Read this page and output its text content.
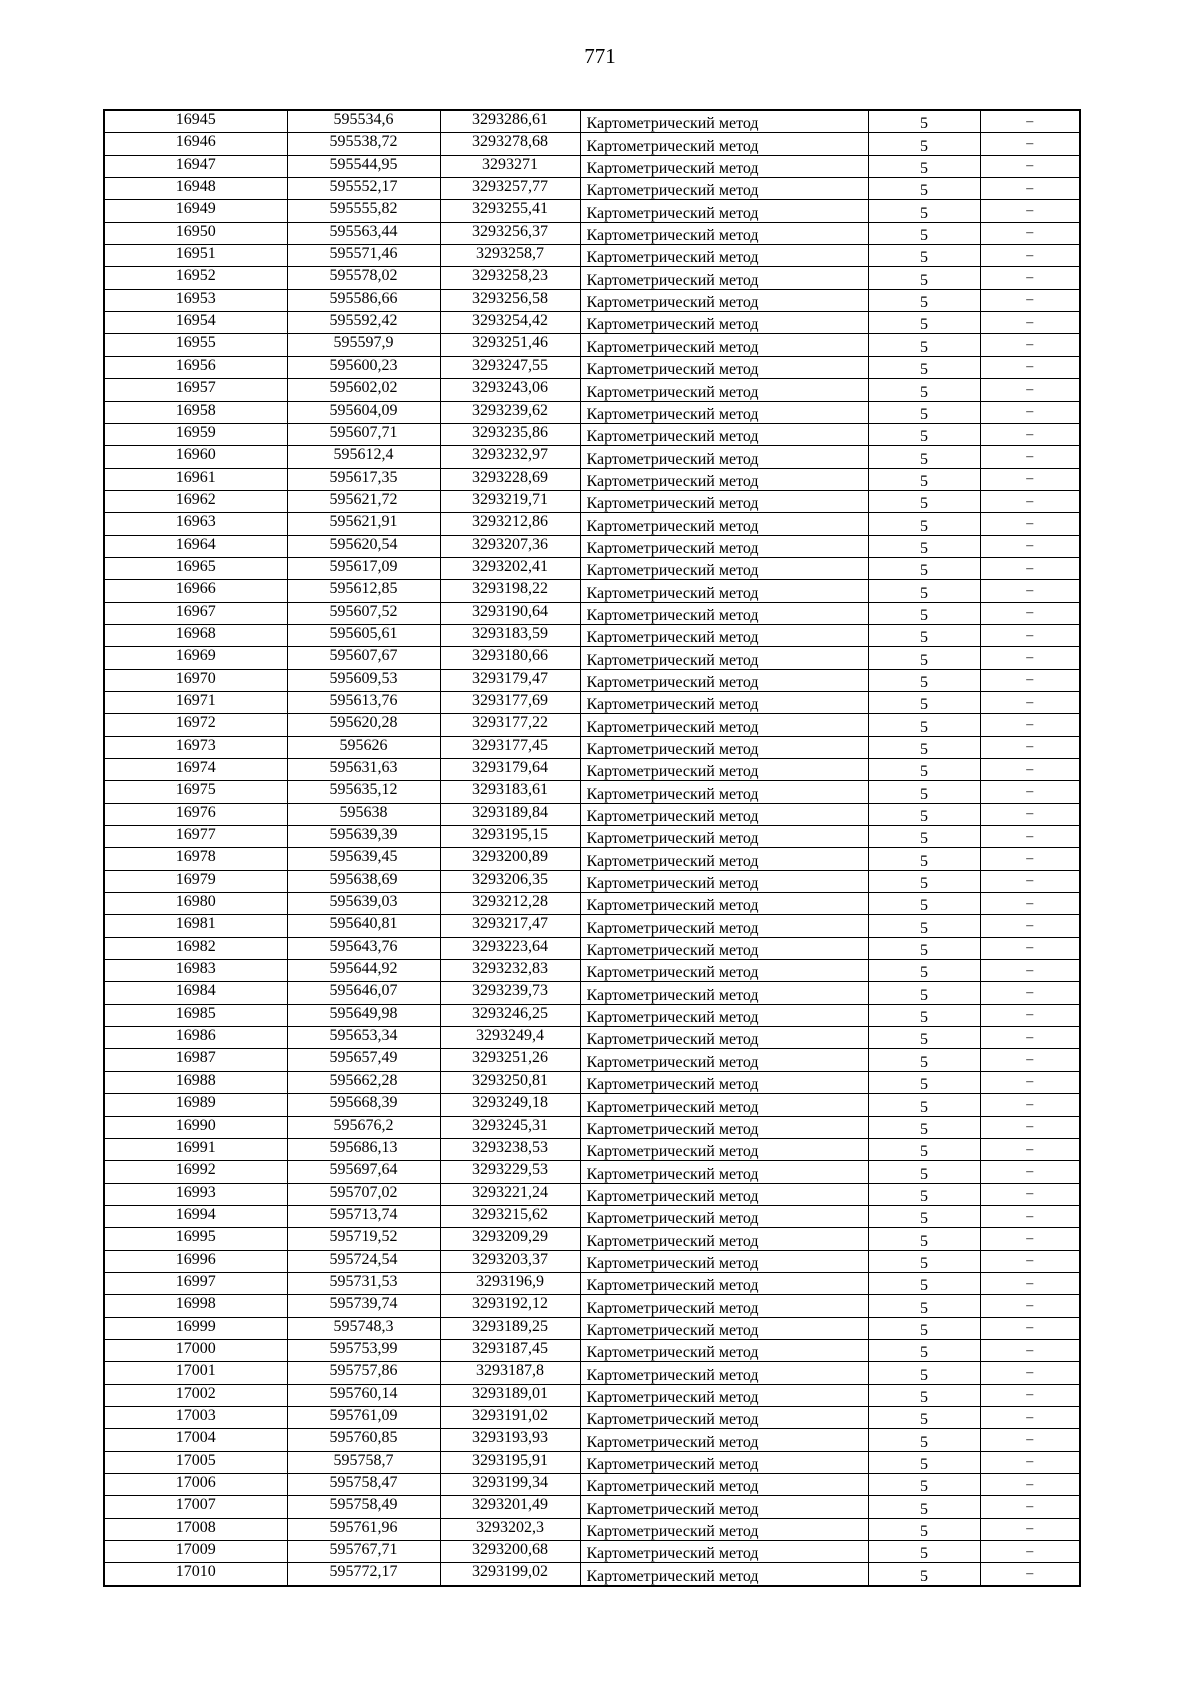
771
16945	595534,6	3293286,61	Картометрический метод	5	–
16946	595538,72	3293278,68	Картометрический метод	5	–
16947	595544,95	3293271	Картометрический метод	5	–
16948	595552,17	3293257,77	Картометрический метод	5	–
16949	595555,82	3293255,41	Картометрический метод	5	–
16950	595563,44	3293256,37	Картометрический метод	5	–
16951	595571,46	3293258,7	Картометрический метод	5	–
16952	595578,02	3293258,23	Картометрический метод	5	–
16953	595586,66	3293256,58	Картометрический метод	5	–
16954	595592,42	3293254,42	Картометрический метод	5	–
16955	595597,9	3293251,46	Картометрический метод	5	–
16956	595600,23	3293247,55	Картометрический метод	5	–
16957	595602,02	3293243,06	Картометрический метод	5	–
16958	595604,09	3293239,62	Картометрический метод	5	–
16959	595607,71	3293235,86	Картометрический метод	5	–
16960	595612,4	3293232,97	Картометрический метод	5	–
16961	595617,35	3293228,69	Картометрический метод	5	–
16962	595621,72	3293219,71	Картометрический метод	5	–
16963	595621,91	3293212,86	Картометрический метод	5	–
16964	595620,54	3293207,36	Картометрический метод	5	–
16965	595617,09	3293202,41	Картометрический метод	5	–
16966	595612,85	3293198,22	Картометрический метод	5	–
16967	595607,52	3293190,64	Картометрический метод	5	–
16968	595605,61	3293183,59	Картометрический метод	5	–
16969	595607,67	3293180,66	Картометрический метод	5	–
16970	595609,53	3293179,47	Картометрический метод	5	–
16971	595613,76	3293177,69	Картометрический метод	5	–
16972	595620,28	3293177,22	Картометрический метод	5	–
16973	595626	3293177,45	Картометрический метод	5	–
16974	595631,63	3293179,64	Картометрический метод	5	–
16975	595635,12	3293183,61	Картометрический метод	5	–
16976	595638	3293189,84	Картометрический метод	5	–
16977	595639,39	3293195,15	Картометрический метод	5	–
16978	595639,45	3293200,89	Картометрический метод	5	–
16979	595638,69	3293206,35	Картометрический метод	5	–
16980	595639,03	3293212,28	Картометрический метод	5	–
16981	595640,81	3293217,47	Картометрический метод	5	–
16982	595643,76	3293223,64	Картометрический метод	5	–
16983	595644,92	3293232,83	Картометрический метод	5	–
16984	595646,07	3293239,73	Картометрический метод	5	–
16985	595649,98	3293246,25	Картометрический метод	5	–
16986	595653,34	3293249,4	Картометрический метод	5	–
16987	595657,49	3293251,26	Картометрический метод	5	–
16988	595662,28	3293250,81	Картометрический метод	5	–
16989	595668,39	3293249,18	Картометрический метод	5	–
16990	595676,2	3293245,31	Картометрический метод	5	–
16991	595686,13	3293238,53	Картометрический метод	5	–
16992	595697,64	3293229,53	Картометрический метод	5	–
16993	595707,02	3293221,24	Картометрический метод	5	–
16994	595713,74	3293215,62	Картометрический метод	5	–
16995	595719,52	3293209,29	Картометрический метод	5	–
16996	595724,54	3293203,37	Картометрический метод	5	–
16997	595731,53	3293196,9	Картометрический метод	5	–
16998	595739,74	3293192,12	Картометрический метод	5	–
16999	595748,3	3293189,25	Картометрический метод	5	–
17000	595753,99	3293187,45	Картометрический метод	5	–
17001	595757,86	3293187,8	Картометрический метод	5	–
17002	595760,14	3293189,01	Картометрический метод	5	–
17003	595761,09	3293191,02	Картометрический метод	5	–
17004	595760,85	3293193,93	Картометрический метод	5	–
17005	595758,7	3293195,91	Картометрический метод	5	–
17006	595758,47	3293199,34	Картометрический метод	5	–
17007	595758,49	3293201,49	Картометрический метод	5	–
17008	595761,96	3293202,3	Картометрический метод	5	–
17009	595767,71	3293200,68	Картометрический метод	5	–
17010	595772,17	3293199,02	Картометрический метод	5	–
